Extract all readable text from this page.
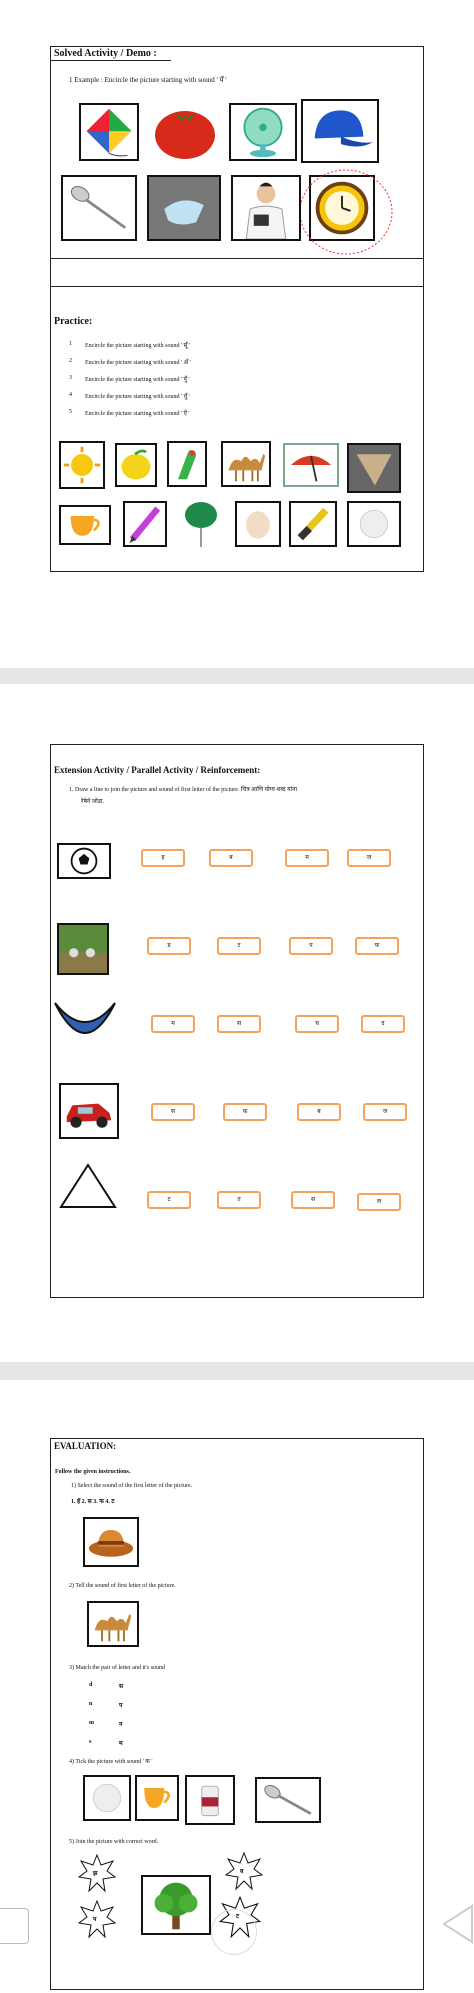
Solved Activity / Demo :
1 Example : Encircle the picture starting with sound ' पँ '
Practice:
1 Encircle the picture starting with sound ' सूँ '
2 Encircle the picture starting with sound ' अँ '
3 Encircle the picture starting with sound ' पुँ '
4 Encircle the picture starting with sound ' धुँ '
5 Encircle the picture starting with sound ' ऐं '
Extension Activity / Parallel Activity / Reinforcement:
1. Draw a line to join the picture and sound of first letter of the picture. चित्र आणि योग्य शब्द यांना
रेषेने जोडा.
ह	ब	म	ज
ड	ट	प	फ
म	स	च	द
स	क	ब	ज
ट	त	स	ल
EVALUATION:
Follow the given instructions.
1) Select the sound of the first letter of the picture.
1. हॅ 2. स 3. फ 4. ट
2) Tell the sound of first letter of the picture.
3) Match the pair of letter and it's sound
d	स
n	प
m	न
s	म
4) Tick the picture with sound ' क '
5) Join the picture with correct word.
झ
प
व
ट
